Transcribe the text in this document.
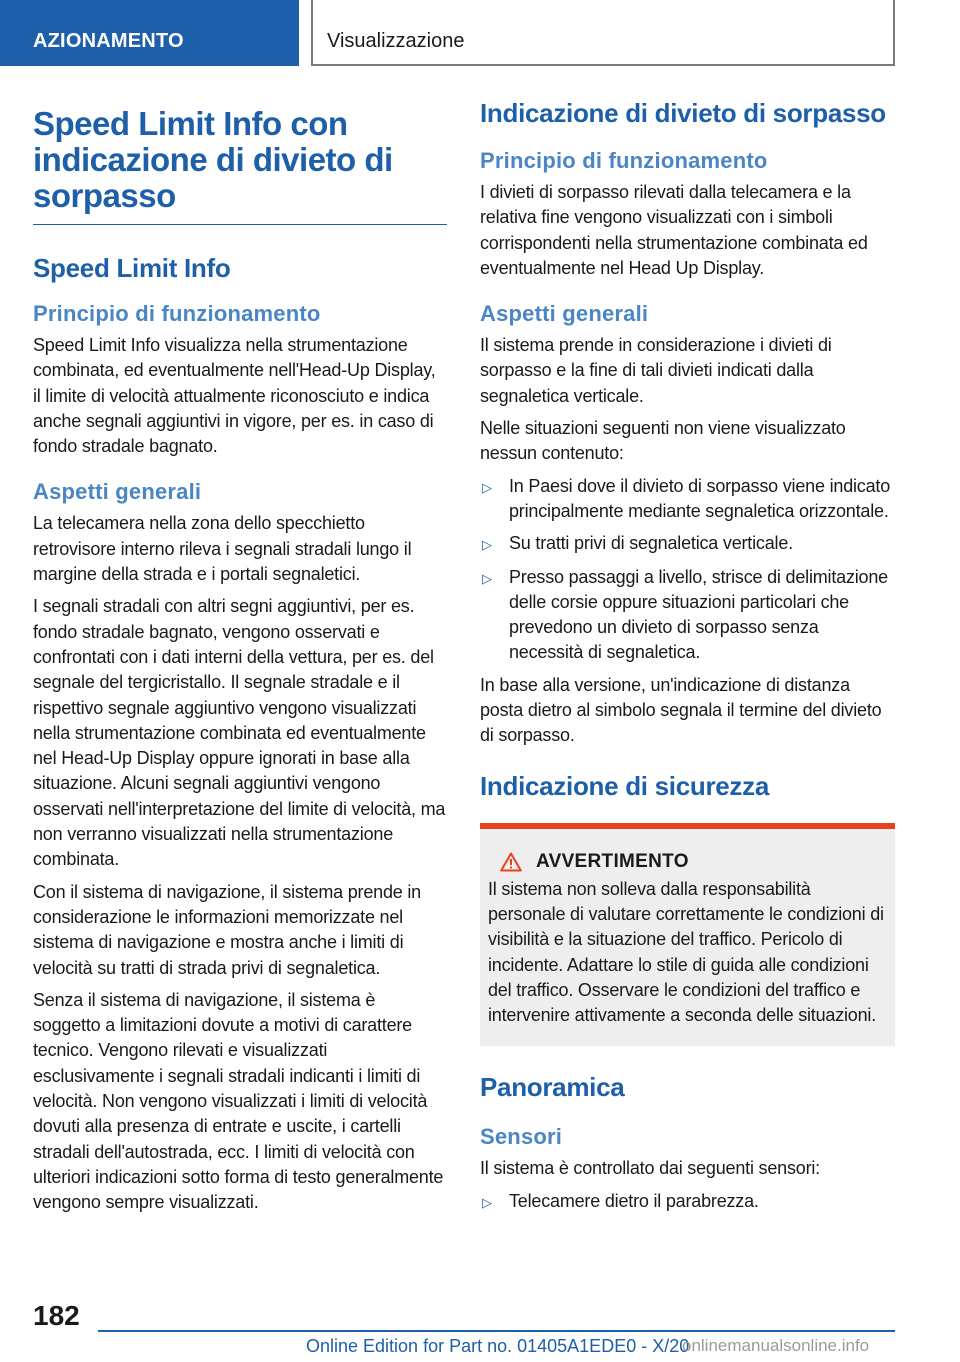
AZIONAMENTO	Visualizzazione
Speed Limit Info con indicazione di divieto di sorpasso
Speed Limit Info
Principio di funzionamento

Speed Limit Info visualizza nella strumentazione combinata, ed eventualmente nell'Head-Up Display, il limite di velocità attualmente riconosciuto e indica anche segnali aggiuntivi in vigore, per es. in caso di fondo stradale bagnato.

Aspetti generali

La telecamera nella zona dello specchietto retrovisore interno rileva i segnali stradali lungo il margine della strada e i portali segnaletici.

I segnali stradali con altri segni aggiuntivi, per es. fondo stradale bagnato, vengono osservati e confrontati con i dati interni della vettura, per es. del segnale del tergicristallo. Il segnale stradale e il rispettivo segnale aggiuntivo vengono visualizzati nella strumentazione combinata ed eventualmente nel Head-Up Display oppure ignorati in base alla situazione. Alcuni segnali aggiuntivi vengono osservati nell'interpretazione del limite di velocità, ma non verranno visualizzati nella strumentazione combinata.

Con il sistema di navigazione, il sistema prende in considerazione le informazioni memorizzate nel sistema di navigazione e mostra anche i limiti di velocità su tratti di strada privi di segnaletica.

Senza il sistema di navigazione, il sistema è soggetto a limitazioni dovute a motivi di carattere tecnico. Vengono rilevati e visualizzati esclusivamente i segnali stradali indicanti i limiti di velocità. Non vengono visualizzati i limiti di velocità dovuti alla presenza di entrate e uscite, i cartelli stradali dell'autostrada, ecc. I limiti di velocità con ulteriori indicazioni sotto forma di testo generalmente vengono sempre visualizzati.

Indicazione di divieto di sorpasso
Principio di funzionamento

I divieti di sorpasso rilevati dalla telecamera e la relativa fine vengono visualizzati con i simboli corrispondenti nella strumentazione combinata ed eventualmente nel Head Up Display.

Aspetti generali

Il sistema prende in considerazione i divieti di sorpasso e la fine di tali divieti indicati dalla segnaletica verticale.

Nelle situazioni seguenti non viene visualizzato nessun contenuto:

▷ In Paesi dove il divieto di sorpasso viene indicato principalmente mediante segnaletica orizzontale.
▷ Su tratti privi di segnaletica verticale.
▷ Presso passaggi a livello, strisce di delimitazione delle corsie oppure situazioni particolari che prevedono un divieto di sorpasso senza necessità di segnaletica.

In base alla versione, un'indicazione di distanza posta dietro al simbolo segnala il termine del divieto di sorpasso.

Indicazione di sicurezza
AVVERTIMENTO

Il sistema non solleva dalla responsabilità personale di valutare correttamente le condizioni di visibilità e la situazione del traffico. Pericolo di incidente. Adattare lo stile di guida alle condizioni del traffico. Osservare le condizioni del traffico e intervenire attivamente a seconda delle situazioni.

Panoramica
Sensori

Il sistema è controllato dai seguenti sensori:

▷ Telecamere dietro il parabrezza.
182
Online Edition for Part no. 01405A1EDE0 - X/20
onlinemanualsonline.info
